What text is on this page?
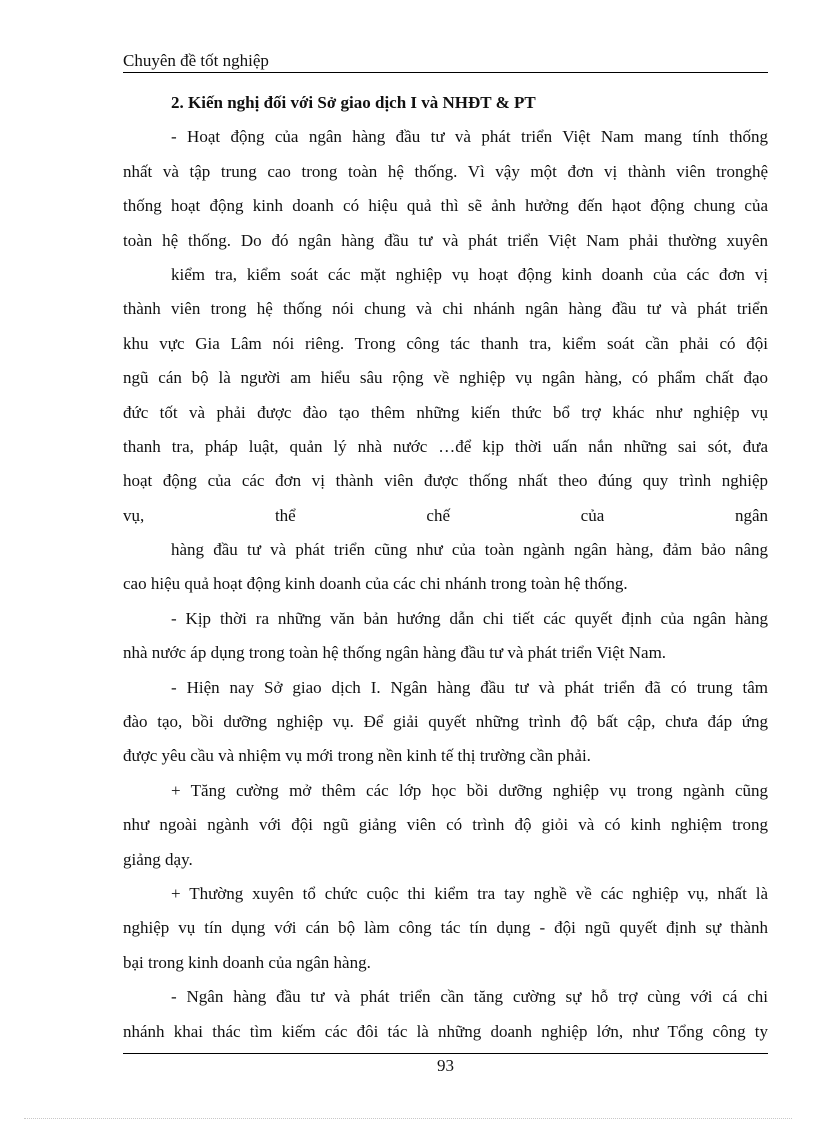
Chuyên đề tốt nghiệp
2. Kiến nghị đối với Sở giao dịch I và NHĐT & PT
- Hoạt động của ngân hàng đầu tư và phát triển Việt Nam mang tính thống
nhất và tập trung cao trong toàn hệ thống. Vì vậy một đơn vị thành viên tronghệ
thống hoạt động kinh doanh có hiệu quả thì sẽ ảnh hưởng đến hạot động chung của
toàn hệ thống. Do đó ngân hàng đầu tư và phát triển Việt Nam phải thường xuyên
kiểm tra, kiểm soát các mặt nghiệp vụ hoạt động kinh doanh của các đơn vị
thành viên trong hệ thống nói chung và chi nhánh ngân hàng đầu tư và phát triển
khu vực Gia Lâm nói riêng. Trong công tác thanh tra, kiểm soát cần phải có đội
ngũ cán bộ là người am hiểu sâu rộng về nghiệp vụ ngân hàng, có phẩm chất đạo
đức tốt và phải được đào tạo thêm những kiến thức bổ trợ khác như nghiệp vụ
thanh tra, pháp luật, quản lý nhà nước …để kịp thời uấn nắn những sai sót, đưa
hoạt động của các đơn vị thành viên được thống nhất theo đúng quy trình nghiệp
vụ, thể chế của ngân
hàng đầu tư và phát triển cũng như của toàn ngành ngân hàng, đảm bảo nâng
cao hiệu quả hoạt động kinh doanh của các chi nhánh trong toàn hệ thống.
- Kịp thời ra những văn bản hướng dẫn chi tiết các quyết định của ngân hàng
nhà nước áp dụng trong toàn hệ thống ngân hàng đầu tư và phát triển Việt Nam.
- Hiện nay Sở giao dịch I. Ngân hàng đầu tư và phát triển đã có trung tâm
đào tạo, bồi dưỡng nghiệp vụ. Để giải quyết những trình độ bất cập, chưa đáp ứng
được yêu cầu và nhiệm vụ mới trong nền kinh tế thị trường cần phải.
+ Tăng cường mở thêm các lớp học bồi dưỡng nghiệp vụ trong ngành cũng
như ngoài ngành với đội ngũ giảng viên có trình độ giỏi và có kinh nghiệm trong
giảng dạy.
+ Thường xuyên tổ chức cuộc thi kiểm tra tay nghề về các nghiệp vụ, nhất là
nghiệp vụ tín dụng với cán bộ làm công tác tín dụng - đội ngũ quyết định sự thành
bại trong kinh doanh của ngân hàng.
- Ngân hàng đầu tư và phát triển cần tăng cường sự hỗ trợ cùng với cá chi
nhánh khai thác tìm kiếm các đôi tác là những doanh nghiệp lớn, như Tổng công ty
93
